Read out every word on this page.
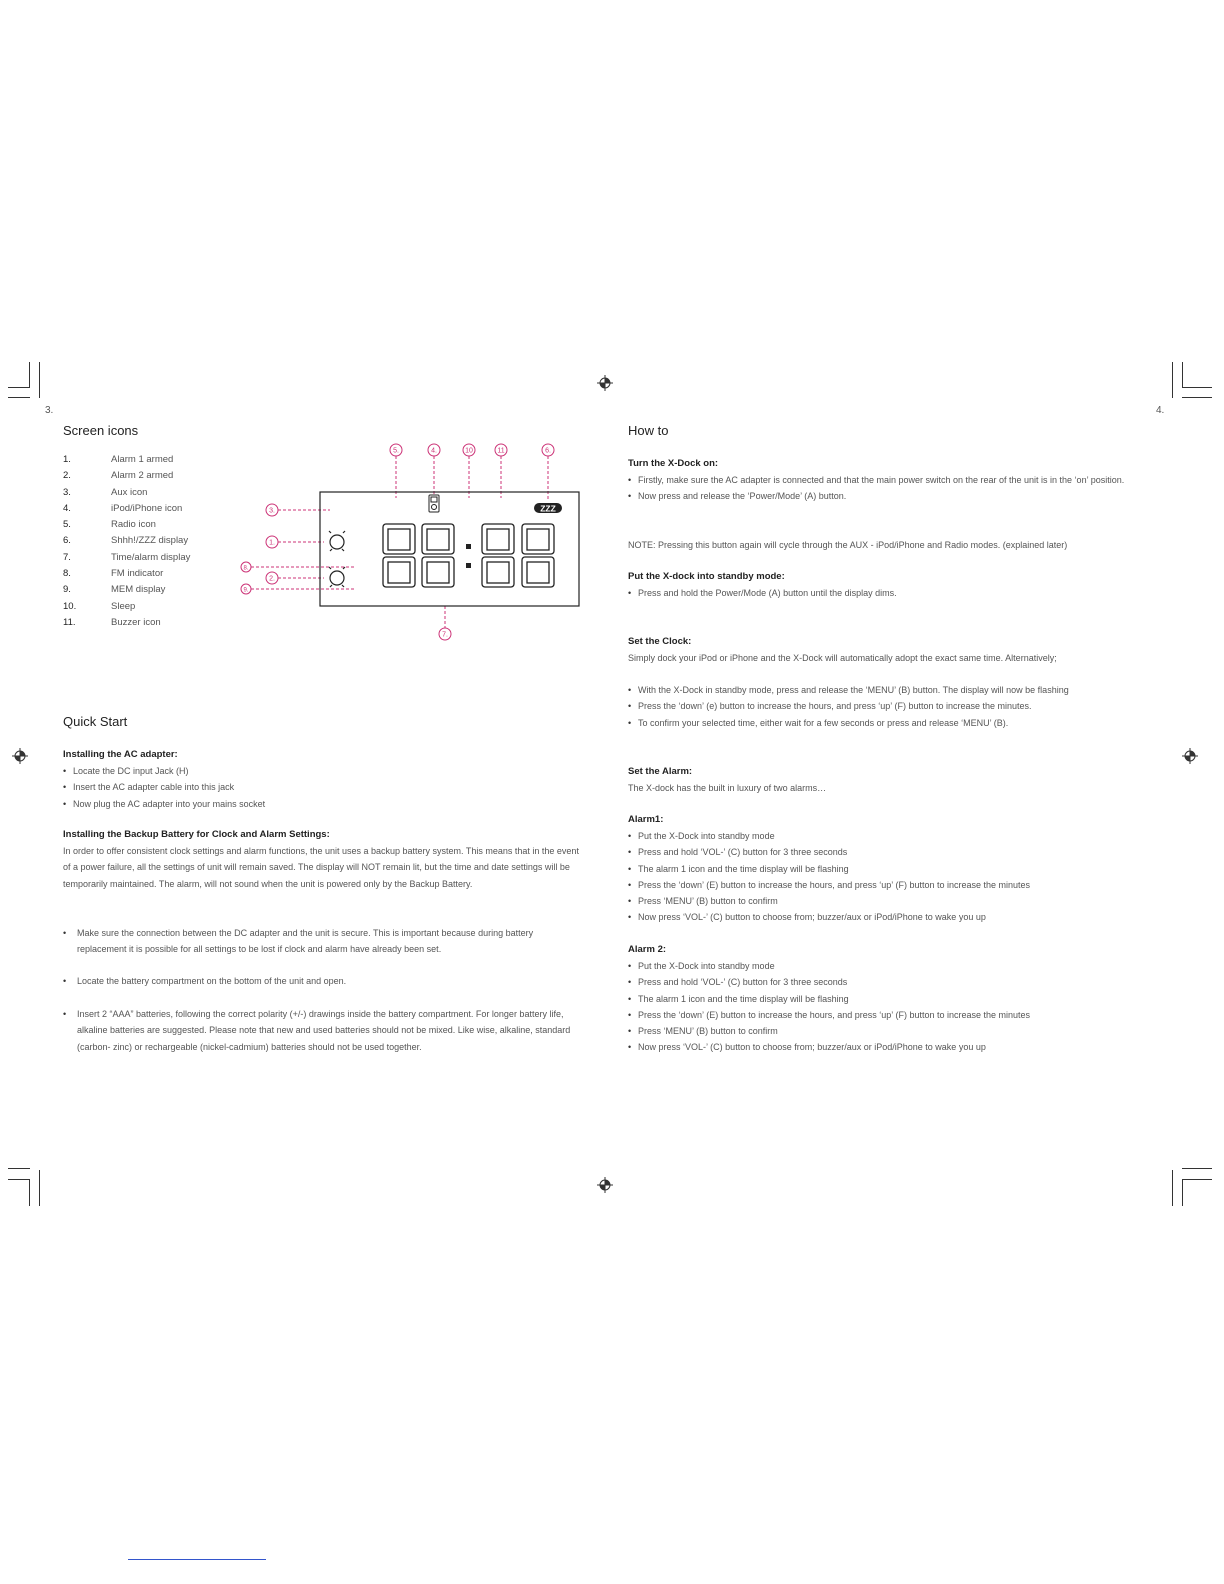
3.	4.
Screen icons
1.	Alarm 1 armed
2.	Alarm 2 armed
3.	Aux icon
4.	iPod/iPhone icon
5.	Radio icon
6.	Shhh!/ZZZ display
7.	Time/alarm display
8.	FM indicator
9.	MEM display
10.	Sleep
11.	Buzzer icon
5.	4.	10	11	6.
3.
1.
8.
2.
9.
7.
ZZZ
Quick Start

Installing the AC adapter:

• Locate the DC input Jack (H)
• Insert the AC adapter cable into this jack
• Now plug the AC adapter into your mains socket

Installing the Backup Battery for Clock and Alarm Settings:

In order to offer consistent clock settings and alarm functions, the unit uses a backup battery system. This means that in the event of a power failure, all the settings of unit will remain saved. The display will NOT remain lit, but the time and date settings will be temporarily maintained. The alarm, will not sound when the unit is powered only by the Backup Battery.

• Make sure the connection between the DC adapter and the unit is secure. This is important because during battery replacement it is possible for all settings to be lost if clock and alarm have already been set.
• Locate the battery compartment on the bottom of the unit and open.
• Insert 2 “AAA” batteries, following the correct polarity (+/-) drawings inside the battery compartment. For longer battery life, alkaline batteries are suggested. Please note that new and used batteries should not be mixed. Like wise, alkaline, standard (carbon- zinc) or rechargeable (nickel-cadmium) batteries should not be used together.
How to

Turn the X-Dock on:

• Firstly, make sure the AC adapter is connected and that the main power switch on the rear of the unit is in the ‘on’ position.
• Now press and release the ‘Power/Mode’ (A) button.

NOTE: Pressing this button again will cycle through the AUX - iPod/iPhone and Radio modes. (explained later)

Put the X-dock into standby mode:

• Press and hold the Power/Mode (A) button until the display dims.

Set the Clock:

Simply dock your iPod or iPhone and the X-Dock will automatically adopt the exact same time. Alternatively;

• With the X-Dock in standby mode, press and release the ‘MENU’ (B) button. The display will now be flashing
• Press the ‘down’ (e) button to increase the hours, and press ‘up’ (F) button to increase the minutes.
• To confirm your selected time, either wait for a few seconds or press and release ‘MENU’ (B).

Set the Alarm:

The X-dock has the built in luxury of two alarms…

Alarm1:

• Put the X-Dock into standby mode
• Press and hold ‘VOL-’ (C) button for 3 three seconds
• The alarm 1 icon and the time display will be flashing
• Press the ‘down’ (E) button to increase the hours, and press ‘up’ (F) button to increase the minutes
• Press ‘MENU’ (B) button to confirm
• Now press ‘VOL-’ (C) button to choose from; buzzer/aux or iPod/iPhone to wake you up

Alarm 2:

• Put the X-Dock into standby mode
• Press and hold ‘VOL-’ (C) button for 3 three seconds
• The alarm 1 icon and the time display will be flashing
• Press the ‘down’ (E) button to increase the hours, and press ‘up’ (F) button to increase the minutes
• Press ‘MENU’ (B) button to confirm
• Now press ‘VOL-’ (C) button to choose from; buzzer/aux or iPod/iPhone to wake you up
